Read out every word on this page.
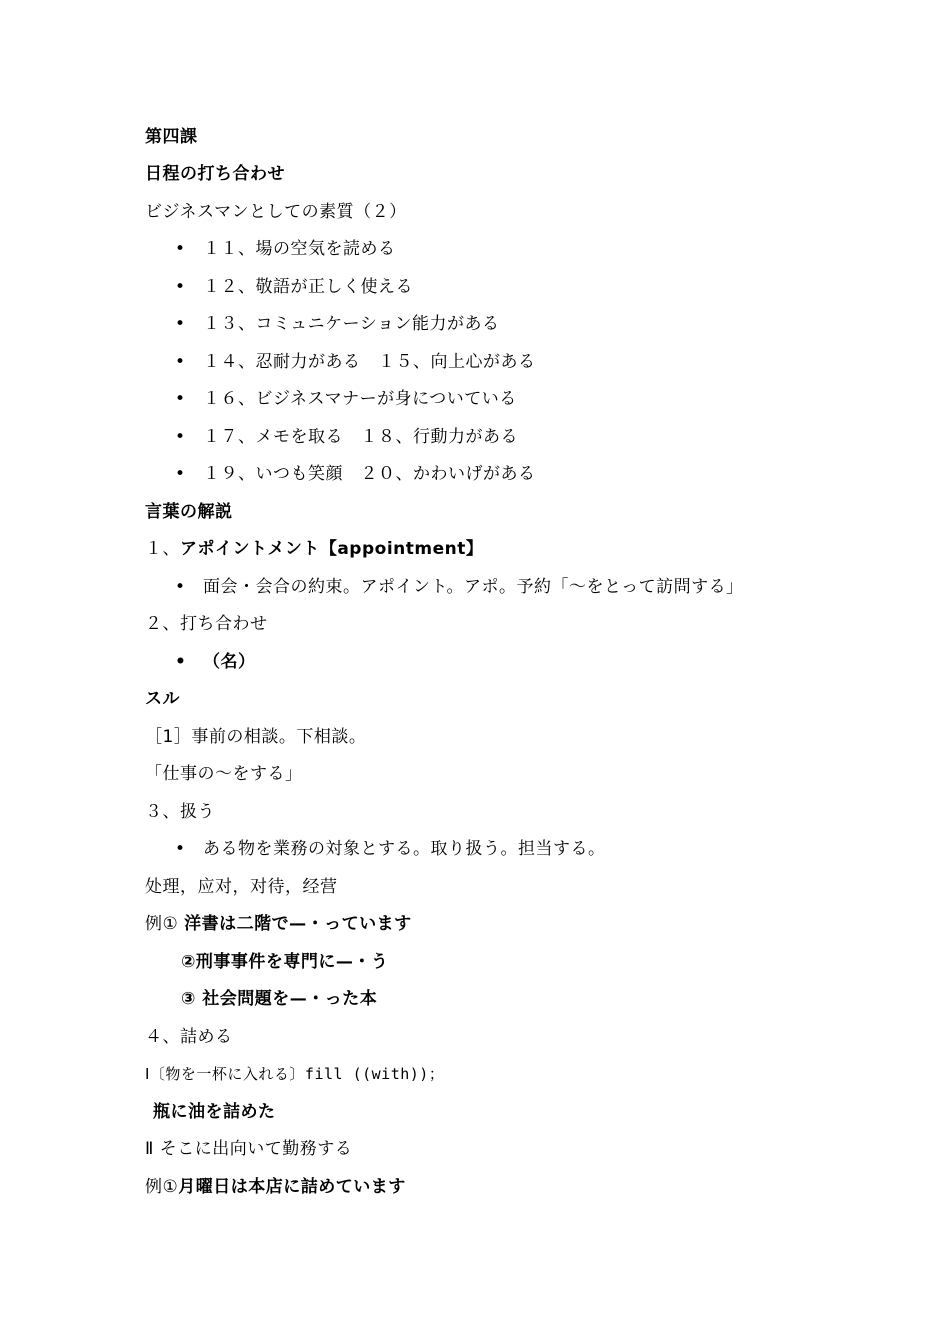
第四課
日程の打ち合わせ
ビジネスマンとしての素質（２）
• １１、場の空気を読める
• １２、敬語が正しく使える
• １３、コミュニケーション能力がある
• １４、忍耐力がある　１５、向上心がある
• １６、ビジネスマナーが身についている
• １７、メモを取る　１８、行動力がある
• １９、いつも笑顔　２０、かわいげがある
言葉の解説
１、アポイントメント【appointment】
• 面会・会合の約束。アポイント。アポ。予約「～をとって訪問する」
２、打ち合わせ
• （名）
スル
［1］事前の相談。下相談。
「仕事の～をする」
３、扱う
• ある物を業務の対象とする。取り扱う。担当する。
处理，应对，对待，经营
例① 洋書は二階で—・っています
②刑事事件を専門に—・う
③ 社会問題を—・った本
４、詰める
Ⅰ〔物を一杯に入れる〕fill ((with))；
瓶に油を詰めた
Ⅱ そこに出向いて勤務する
例①月曜日は本店に詰めています
